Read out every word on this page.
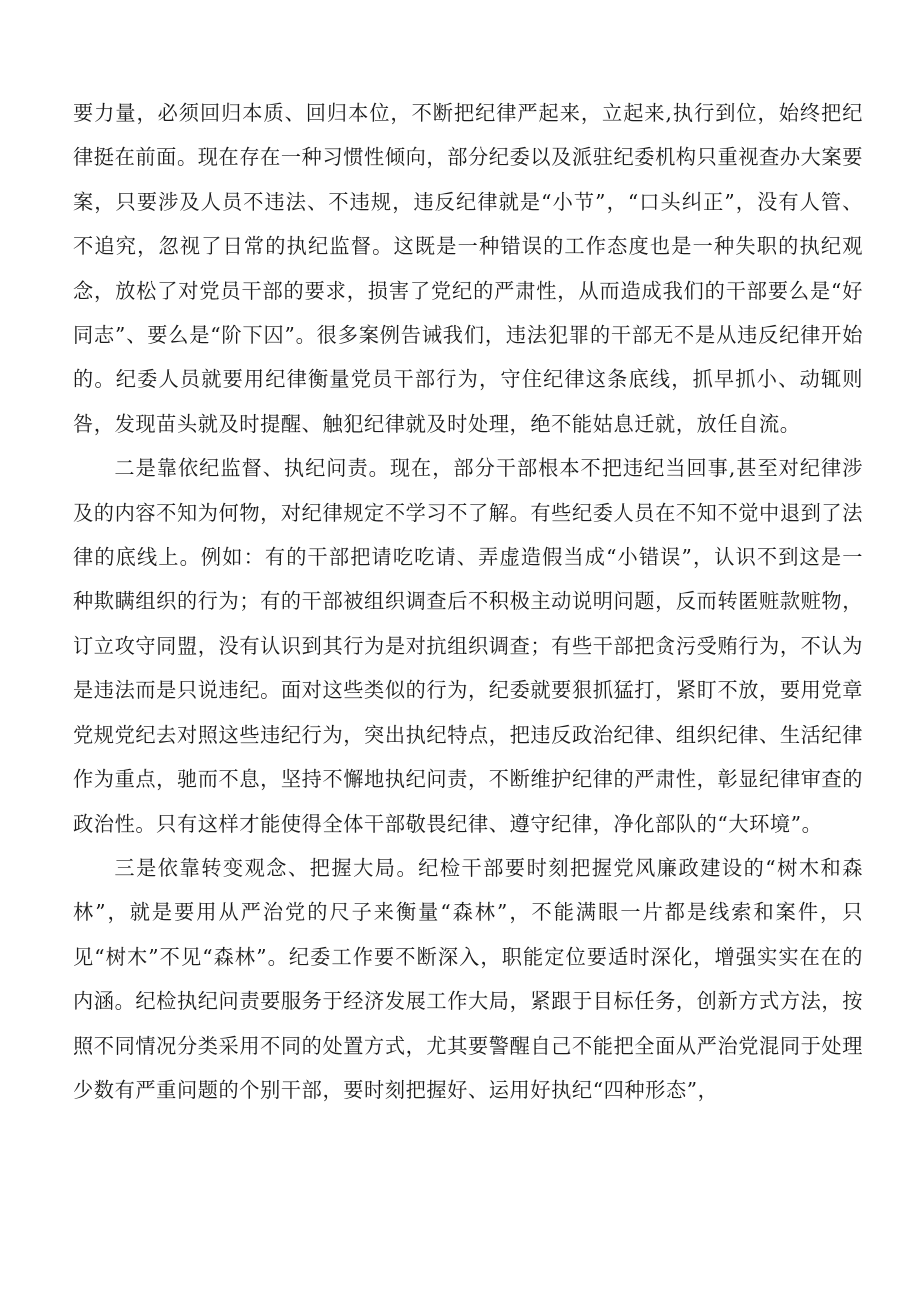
要力量，必须回归本质、回归本位，不断把纪律严起来，立起来,执行到位，始终把纪律挺在前面。现在存在一种习惯性倾向，部分纪委以及派驻纪委机构只重视查办大案要案，只要涉及人员不违法、不违规，违反纪律就是“小节”，“口头纠正”，没有人管、不追究，忽视了日常的执纪监督。这既是一种错误的工作态度也是一种失职的执纪观念，放松了对党员干部的要求，损害了党纪的严肃性，从而造成我们的干部要么是“好同志”、要么是“阶下囚”。很多案例告诫我们，违法犯罪的干部无不是从违反纪律开始的。纪委人员就要用纪律衡量党员干部行为，守住纪律这条底线，抓早抓小、动辄则咎，发现苗头就及时提醒、触犯纪律就及时处理，绝不能姑息迁就，放任自流。

二是靠依纪监督、执纪问责。现在，部分干部根本不把违纪当回事,甚至对纪律涉及的内容不知为何物，对纪律规定不学习不了解。有些纪委人员在不知不觉中退到了法律的底线上。例如：有的干部把请吃吃请、弄虚造假当成“小错误”，认识不到这是一种欺瞒组织的行为；有的干部被组织调查后不积极主动说明问题，反而转匿赃款赃物，订立攻守同盟，没有认识到其行为是对抗组织调查；有些干部把贪污受贿行为，不认为是违法而是只说违纪。面对这些类似的行为，纪委就要狠抓猛打，紧盯不放，要用党章党规党纪去对照这些违纪行为，突出执纪特点，把违反政治纪律、组织纪律、生活纪律作为重点，驰而不息，坚持不懈地执纪问责，不断维护纪律的严肃性，彰显纪律审查的政治性。只有这样才能使得全体干部敬畏纪律、遵守纪律，净化部队的“大环境”。

三是依靠转变观念、把握大局。纪检干部要时刻把握党风廉政建设的“树木和森林”，就是要用从严治党的尺子来衡量“森林”，不能满眼一片都是线索和案件，只见“树木”不见“森林”。纪委工作要不断深入，职能定位要适时深化，增强实实在在的内涵。纪检执纪问责要服务于经济发展工作大局，紧跟于目标任务，创新方式方法，按照不同情况分类采用不同的处置方式，尤其要警醒自己不能把全面从严治党混同于处理少数有严重问题的个别干部，要时刻把握好、运用好执纪“四种形态”，
